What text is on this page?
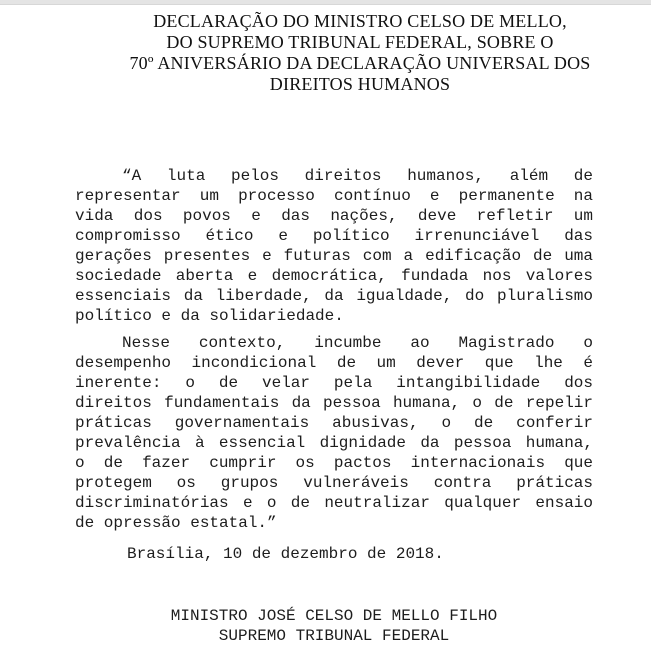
DECLARAÇÃO DO MINISTRO CELSO DE MELLO,
DO SUPREMO TRIBUNAL FEDERAL, SOBRE O
70º ANIVERSÁRIO DA DECLARAÇÃO UNIVERSAL DOS
DIREITOS HUMANOS
“A luta pelos direitos humanos, além de
representar um processo contínuo e permanente na
vida dos povos e das nações, deve refletir um
compromisso ético e político irrenunciável das
gerações presentes e futuras com a edificação de uma
sociedade aberta e democrática, fundada nos valores
essenciais da liberdade, da igualdade, do pluralismo
político e da solidariedade.
Nesse contexto, incumbe ao Magistrado o
desempenho incondicional de um dever que lhe é
inerente: o de velar pela intangibilidade dos
direitos fundamentais da pessoa humana, o de repelir
práticas governamentais abusivas, o de conferir
prevalência à essencial dignidade da pessoa humana,
o de fazer cumprir os pactos internacionais que
protegem os grupos vulneráveis contra práticas
discriminatórias e o de neutralizar qualquer ensaio
de opressão estatal.”
Brasília, 10 de dezembro de 2018.
MINISTRO JOSÉ CELSO DE MELLO FILHO
SUPREMO TRIBUNAL FEDERAL
